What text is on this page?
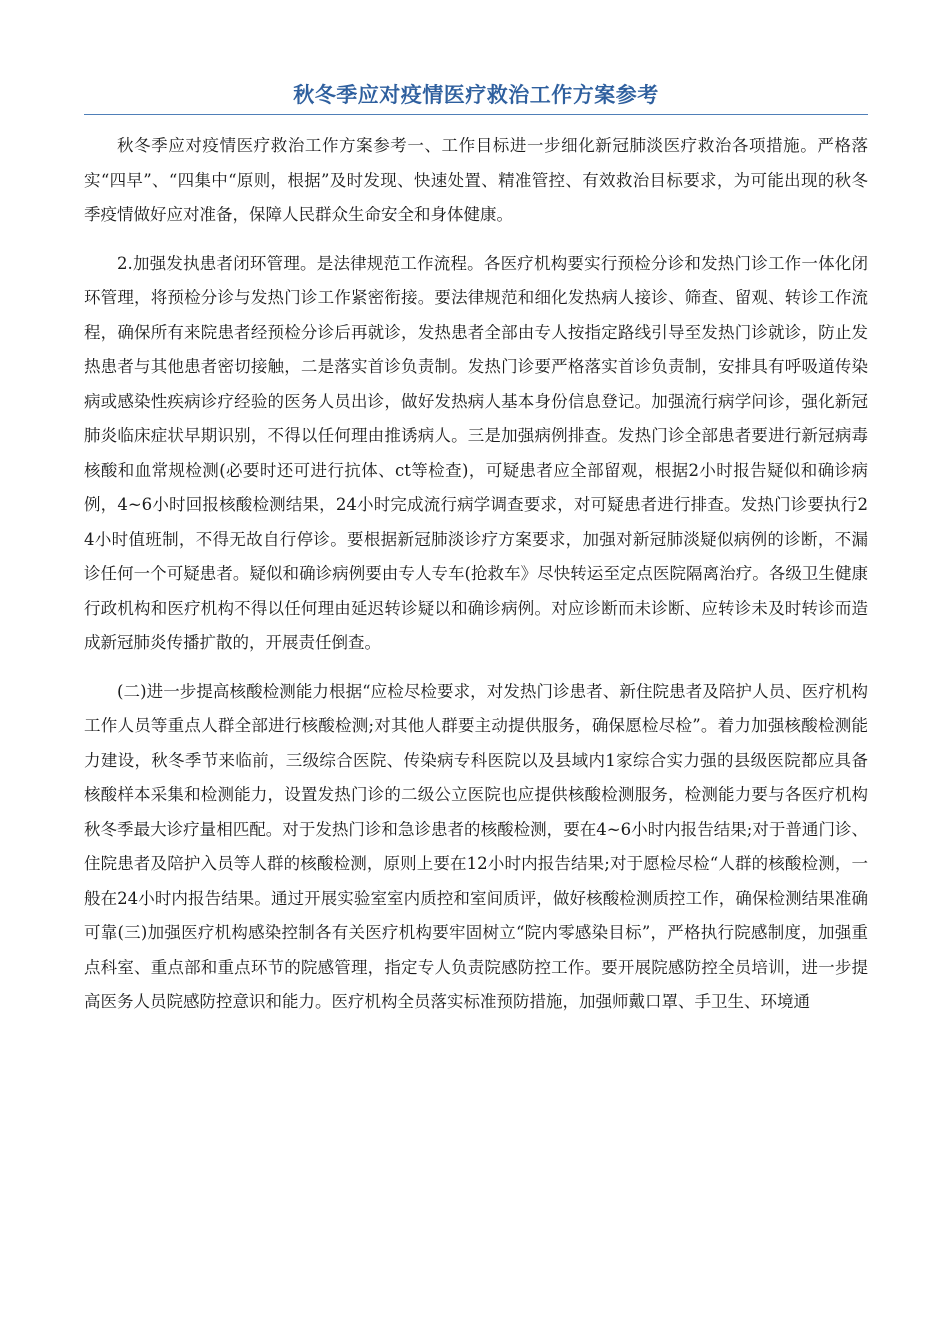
秋冬季应对疫情医疗救治工作方案参考

秋冬季应对疫情医疗救治工作方案参考一、工作目标进一步细化新冠肺淡医疗救治各项措施。严格落实“四早”、“四集中“原则，根据”及时发现、快速处置、精准管控、有效救治目标要求，为可能出现的秋冬季疫情做好应对准备，保障人民群众生命安全和身体健康。

2.加强发执患者闭环管理。是法律规范工作流程。各医疗机构要实行预检分诊和发热门诊工作一体化闭环管理，将预检分诊与发热门诊工作紧密衔接。要法律规范和细化发热病人接诊、筛查、留观、转诊工作流程，确保所有来院患者经预检分诊后再就诊，发热患者全部由专人按指定路线引导至发热门诊就诊，防止发热患者与其他患者密切接触，二是落实首诊负责制。发热门诊要严格落实首诊负责制，安排具有呼吸道传染病或感染性疾病诊疗经验的医务人员出诊，做好发热病人基本身份信息登记。加强流行病学问诊，强化新冠肺炎临床症状早期识别，不得以任何理由推诱病人。三是加强病例排查。发热门诊全部患者要进行新冠病毒核酸和血常规检测(必要时还可进行抗体、ct等检查)，可疑患者应全部留观，根据2小时报告疑似和确诊病例，4~6小时回报核酸检测结果，24小时完成流行病学调查要求，对可疑患者进行排查。发热门诊要执行24小时值班制，不得无故自行停诊。要根据新冠肺淡诊疗方案要求，加强对新冠肺淡疑似病例的诊断，不漏诊任何一个可疑患者。疑似和确诊病例要由专人专车(抢救车》尽快转运至定点医院隔离治疗。各级卫生健康行政机构和医疗机构不得以任何理由延迟转诊疑以和确诊病例。对应诊断而未诊断、应转诊未及时转诊而造成新冠肺炎传播扩散的，开展责任倒查。

(二)进一步提高核酸检测能力根据“应检尽检要求，对发热门诊患者、新住院患者及陪护人员、医疗机构工作人员等重点人群全部进行核酸检测;对其他人群要主动提供服务，确保愿检尽检”。着力加强核酸检测能力建设，秋冬季节来临前，三级综合医院、传染病专科医院以及县域内1家综合实力强的县级医院都应具备核酸样本采集和检测能力，设置发热门诊的二级公立医院也应提供核酸检测服务，检测能力要与各医疗机构秋冬季最大诊疗量相匹配。对于发热门诊和急诊患者的核酸检测，要在4~6小时内报告结果;对于普通门诊、住院患者及陪护入员等人群的核酸检测，原则上要在12小时内报告结果;对于愿检尽检“人群的核酸检测，一般在24小时内报告结果。通过开展实验室室内质控和室间质评，做好核酸检测质控工作，确保检测结果准确可靠(三)加强医疗机构感染控制各有关医疗机构要牢固树立“院内零感染目标”，严格执行院感制度，加强重点科室、重点部和重点环节的院感管理，指定专人负责院感防控工作。要开展院感防控全员培训，进一步提高医务人员院感防控意识和能力。医疗机构全员落实标准预防措施，加强师戴口罩、手卫生、环境通
